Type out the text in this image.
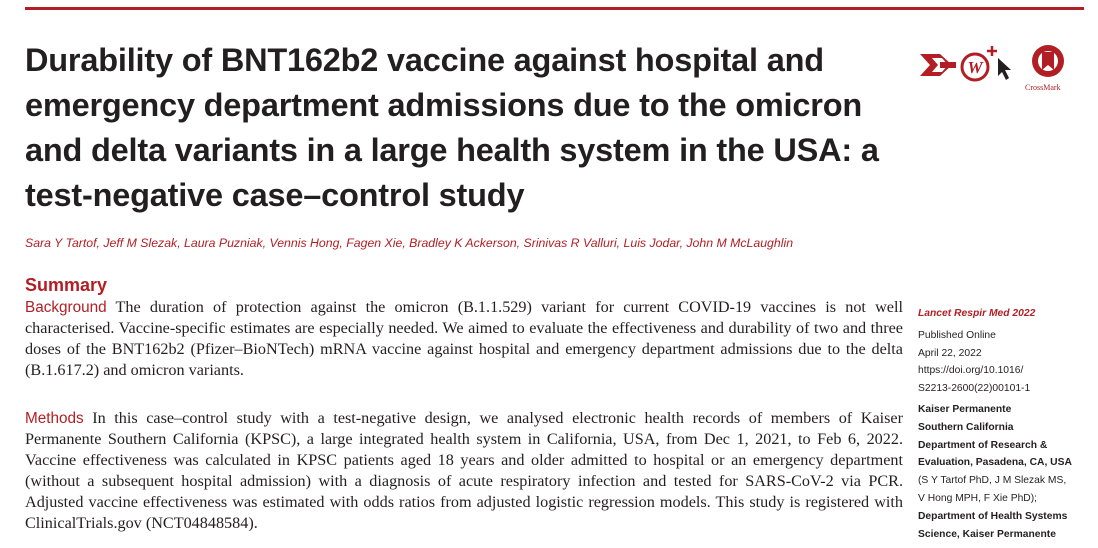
Durability of BNT162b2 vaccine against hospital and emergency department admissions due to the omicron and delta variants in a large health system in the USA: a test-negative case–control study
W
CrossMark

Sara Y Tartof, Jeff M Slezak, Laura Puzniak, Vennis Hong, Fagen Xie, Bradley K Ackerson, Srinivas R Valluri, Luis Jodar, John M McLaughlin

Summary

Background The duration of protection against the omicron (B.1.1.529) variant for current COVID-19 vaccines is not well characterised. Vaccine-specific estimates are especially needed. We aimed to evaluate the effectiveness and durability of two and three doses of the BNT162b2 (Pfizer–BioNTech) mRNA vaccine against hospital and emergency department admissions due to the delta (B.1.617.2) and omicron variants.

Methods In this case–control study with a test-negative design, we analysed electronic health records of members of Kaiser Permanente Southern California (KPSC), a large integrated health system in California, USA, from Dec 1, 2021, to Feb 6, 2022. Vaccine effectiveness was calculated in KPSC patients aged 18 years and older admitted to hospital or an emergency department (without a subsequent hospital admission) with a diagnosis of acute respiratory infection and tested for SARS-CoV-2 via PCR. Adjusted vaccine effectiveness was estimated with odds ratios from adjusted logistic regression models. This study is registered with ClinicalTrials.gov (NCT04848584).

Lancet Respir Med 2022
Published Online
April 22, 2022
https://doi.org/10.1016/
S2213-2600(22)00101-1
Kaiser Permanente
Southern California
Department of Research &
Evaluation, Pasadena, CA, USA
(S Y Tartof PhD, J M Slezak MS,
V Hong MPH, F Xie PhD);
Department of Health Systems
Science, Kaiser Permanente
